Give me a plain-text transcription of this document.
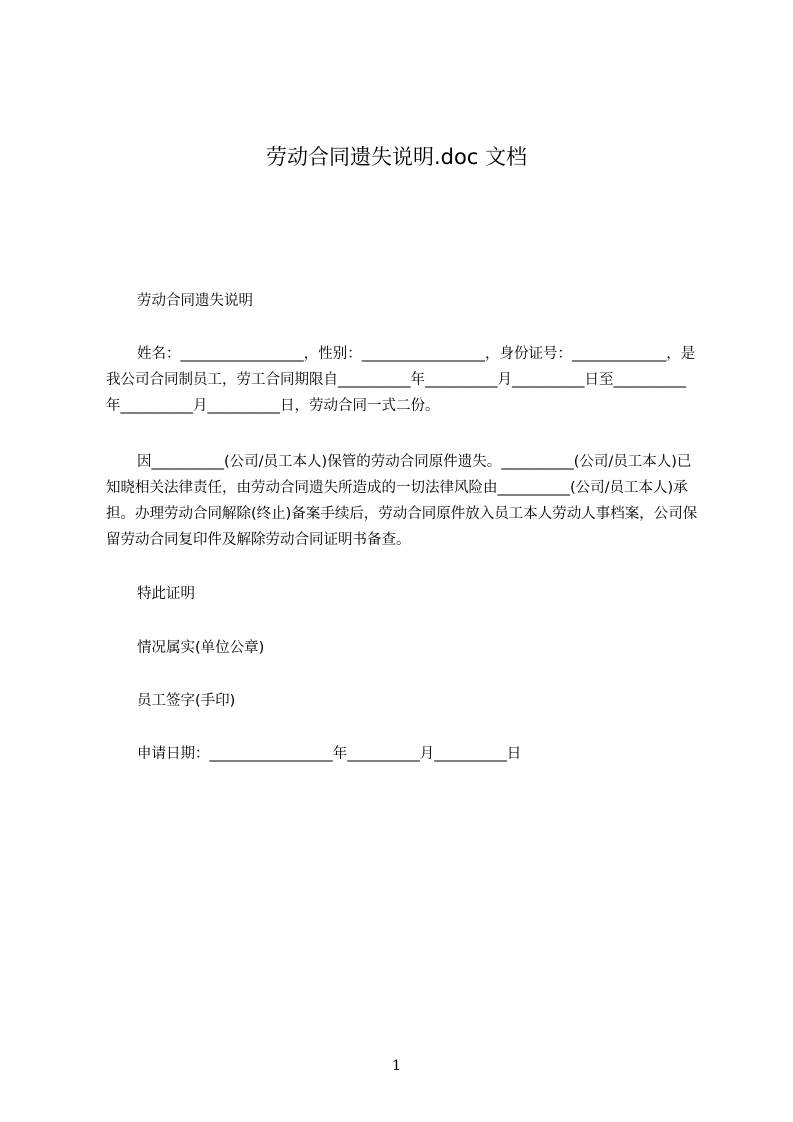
劳动合同遗失说明.doc 文档

劳动合同遗失说明

姓名：_________________，性别：_________________，身份证号：_____________，是我公司合同制员工，劳工合同期限自__________年__________月__________日至__________年__________月__________日，劳动合同一式二份。

因__________(公司/员工本人)保管的劳动合同原件遗失。__________(公司/员工本人)已知晓相关法律责任，由劳动合同遗失所造成的一切法律风险由__________(公司/员工本人)承担。办理劳动合同解除(终止)备案手续后，劳动合同原件放入员工本人劳动人事档案，公司保留劳动合同复印件及解除劳动合同证明书备查。

特此证明

情况属实(单位公章)

员工签字(手印)

申请日期：_________________年__________月__________日

1
